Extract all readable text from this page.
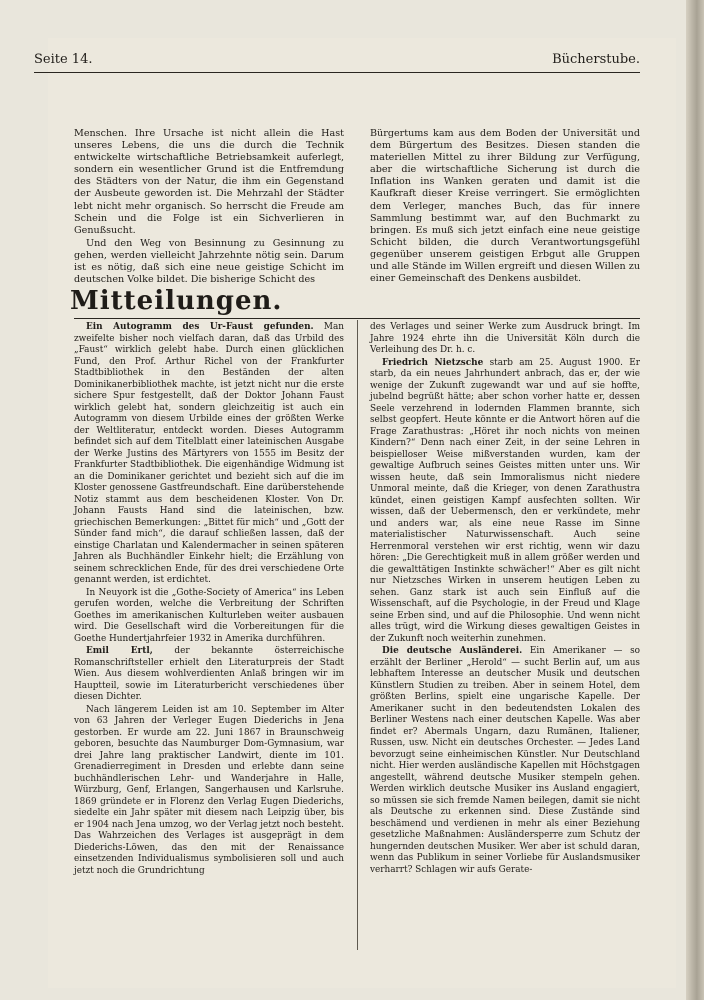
Seite 14.	Bücherstube.

Menschen. Ihre Ursache ist nicht allein die Hast unseres Lebens, die uns die durch die Technik entwickelte wirtschaftliche Betriebsamkeit auferlegt, sondern ein wesentlicher Grund ist die Entfremdung des Städters von der Natur, die ihm ein Gegenstand der Ausbeute geworden ist. Die Mehrzahl der Städter lebt nicht mehr organisch. So herrscht die Freude am Schein und die Folge ist ein Sichverlieren in Genußsucht.

Und den Weg von Besinnung zu Gesinnung zu gehen, werden vielleicht Jahrzehnte nötig sein. Darum ist es nötig, daß sich eine neue geistige Schicht im deutschen Volke bildet. Die bisherige Schicht des

Bürgertums kam aus dem Boden der Universität und dem Bürgertum des Besitzes. Diesen standen die materiellen Mittel zu ihrer Bildung zur Verfügung, aber die wirtschaftliche Sicherung ist durch die Inflation ins Wanken geraten und damit ist die Kaufkraft dieser Kreise verringert. Sie ermöglichten dem Verleger, manches Buch, das für innere Sammlung bestimmt war, auf den Buchmarkt zu bringen. Es muß sich jetzt einfach eine neue geistige Schicht bilden, die durch Verantwortungsgefühl gegenüber unserem geistigen Erbgut alle Gruppen und alle Stände im Willen ergreift und diesen Willen zu einer Gemeinschaft des Denkens ausbildet.

Mitteilungen.

Ein Autogramm des Ur-Faust gefunden. Man zweifelte bisher noch vielfach daran, daß das Urbild des „Faust“ wirklich gelebt habe. Durch einen glücklichen Fund, den Prof. Arthur Richel von der Frankfurter Stadtbibliothek in den Beständen der alten Dominikanerbibliothek machte, ist jetzt nicht nur die erste sichere Spur festgestellt, daß der Doktor Johann Faust wirklich gelebt hat, sondern gleichzeitig ist auch ein Autogramm von diesem Urbilde eines der größten Werke der Weltliteratur, entdeckt worden. Dieses Autogramm befindet sich auf dem Titelblatt einer lateinischen Ausgabe der Werke Justins des Märtyrers von 1555 im Besitz der Frankfurter Stadtbibliothek. Die eigenhändige Widmung ist an die Dominikaner gerichtet und bezieht sich auf die im Kloster genossene Gastfreundschaft. Eine darüberstehende Notiz stammt aus dem bescheidenen Kloster. Von Dr. Johann Fausts Hand sind die lateinischen, bzw. griechischen Bemerkungen: „Bittet für mich“ und „Gott der Sünder fand mich“, die darauf schließen lassen, daß der einstige Charlatan und Kalendermacher in seinen späteren Jahren als Buchhändler Einkehr hielt; die Erzählung von seinem schrecklichen Ende, für des drei verschiedene Orte genannt werden, ist erdichtet.

In Neuyork ist die „Gothe-Society of America“ ins Leben gerufen worden, welche die Verbreitung der Schriften Goethes im amerikanischen Kulturleben weiter ausbauen wird. Die Gesellschaft wird die Vorbereitungen für die Goethe Hundertjahrfeier 1932 in Amerika durchführen.

Emil Ertl, der bekannte österreichische Romanschriftsteller erhielt den Literaturpreis der Stadt Wien. Aus diesem wohlverdienten Anlaß bringen wir im Hauptteil, sowie im Literaturbericht verschiedenes über diesen Dichter.

Nach längerem Leiden ist am 10. September im Alter von 63 Jahren der Verleger Eugen Diederichs in Jena gestorben. Er wurde am 22. Juni 1867 in Braunschweig geboren, besuchte das Naumburger Dom-Gymnasium, war drei Jahre lang praktischer Landwirt, diente im 101. Grenadierregiment in Dresden und erlebte dann seine buchhändlerischen Lehr- und Wanderjahre in Halle, Würzburg, Genf, Erlangen, Sangerhausen und Karlsruhe. 1869 gründete er in Florenz den Verlag Eugen Diederichs, siedelte ein Jahr später mit diesem nach Leipzig über, bis er 1904 nach Jena umzog, wo der Verlag jetzt noch besteht. Das Wahrzeichen des Verlages ist ausgeprägt in dem Diederichs-Löwen, das den mit der Renaissance einsetzenden Individualismus symbolisieren soll und auch jetzt noch die Grundrichtung

des Verlages und seiner Werke zum Ausdruck bringt. Im Jahre 1924 ehrte ihn die Universität Köln durch die Verleihung des Dr. h. c.

Friedrich Nietzsche starb am 25. August 1900. Er starb, da ein neues Jahrhundert anbrach, das er, der wie wenige der Zukunft zugewandt war und auf sie hoffte, jubelnd begrüßt hätte; aber schon vorher hatte er, dessen Seele verzehrend in lodernden Flammen brannte, sich selbst geopfert. Heute könnte er die Antwort hören auf die Frage Zarathustras: „Höret ihr noch nichts von meinen Kindern?“ Denn nach einer Zeit, in der seine Lehren in beispielloser Weise mißverstanden wurden, kam der gewaltige Aufbruch seines Geistes mitten unter uns. Wir wissen heute, daß sein Immoralismus nicht niedere Unmoral meinte, daß die Krieger, von denen Zarathustra kündet, einen geistigen Kampf ausfechten sollten. Wir wissen, daß der Uebermensch, den er verkündete, mehr und anders war, als eine neue Rasse im Sinne materialistischer Naturwissenschaft. Auch seine Herrenmoral verstehen wir erst richtig, wenn wir dazu hören: „Die Gerechtigkeit muß in allem größer werden und die gewalttätigen Instinkte schwächer!“ Aber es gilt nicht nur Nietzsches Wirken in unserem heutigen Leben zu sehen. Ganz stark ist auch sein Einfluß auf die Wissenschaft, auf die Psychologie, in der Freud und Klage seine Erben sind, und auf die Philosophie. Und wenn nicht alles trügt, wird die Wirkung dieses gewaltigen Geistes in der Zukunft noch weiterhin zunehmen.

Die deutsche Ausländerei. Ein Amerikaner — so erzählt der Berliner „Herold“ — sucht Berlin auf, um aus lebhaftem Interesse an deutscher Musik und deutschen Künstlern Studien zu treiben. Aber in seinem Hotel, dem größten Berlins, spielt eine ungarische Kapelle. Der Amerikaner sucht in den bedeutendsten Lokalen des Berliner Westens nach einer deutschen Kapelle. Was aber findet er? Abermals Ungarn, dazu Rumänen, Italiener, Russen, usw. Nicht ein deutsches Orchester. — Jedes Land bevorzugt seine einheimischen Künstler. Nur Deutschland nicht. Hier werden ausländische Kapellen mit Höchstgagen angestellt, während deutsche Musiker stempeln gehen. Werden wirklich deutsche Musiker ins Ausland engagiert, so müssen sie sich fremde Namen beilegen, damit sie nicht als Deutsche zu erkennen sind. Diese Zustände sind beschämend und verdienen in mehr als einer Beziehung gesetzliche Maßnahmen: Ausländersperre zum Schutz der hungernden deutschen Musiker. Wer aber ist schuld daran, wenn das Publikum in seiner Vorliebe für Auslandsmusiker verharrt? Schlagen wir aufs Gerate-
